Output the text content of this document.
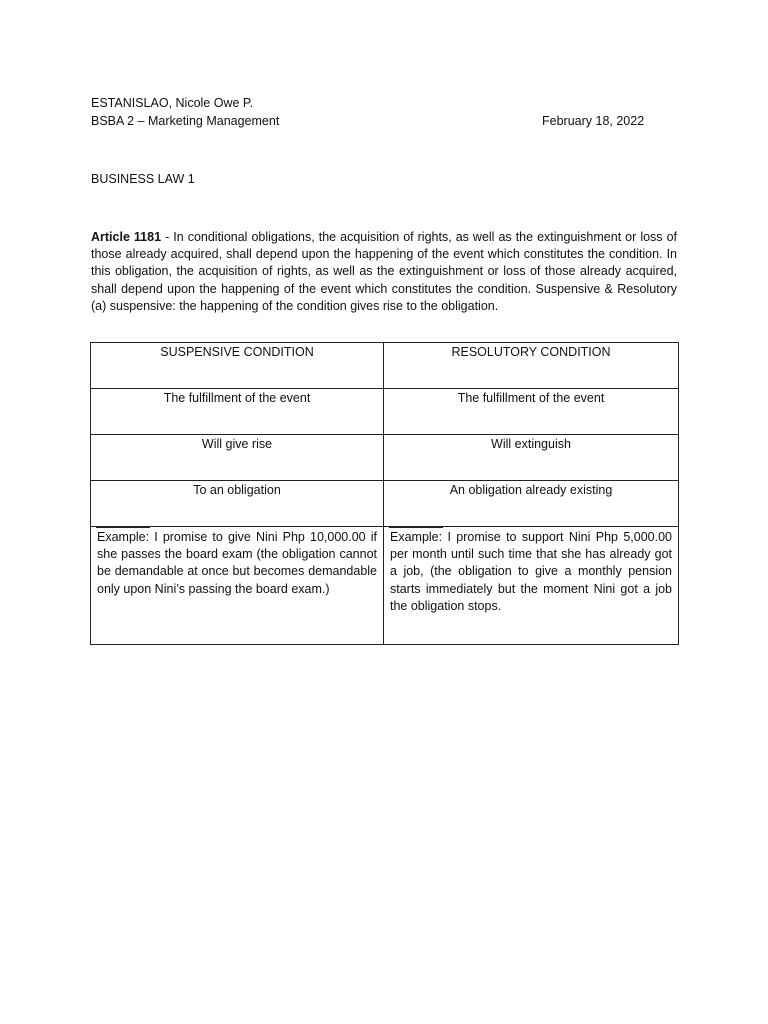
ESTANISLAO, Nicole Owe P.
BSBA 2 – Marketing Management	February 18, 2022
BUSINESS LAW 1

Article 1181 - In conditional obligations, the acquisition of rights, as well as the extinguishment or loss of those already acquired, shall depend upon the happening of the event which constitutes the condition. In this obligation, the acquisition of rights, as well as the extinguishment or loss of those already acquired, shall depend upon the happening of the event which constitutes the condition. Suspensive & Resolutory (a) suspensive: the happening of the condition gives rise to the obligation.

SUSPENSIVE CONDITION	RESOLUTORY CONDITION
The fulfillment of the event	The fulfillment of the event
Will give rise	Will extinguish
To an obligation	An obligation already existing
Example: I promise to give Nini Php 10,000.00 if she passes the board exam (the obligation cannot be demandable at once but becomes demandable only upon Nini’s passing the board exam.)	Example: I promise to support Nini Php 5,000.00 per month until such time that she has already got a job, (the obligation to give a monthly pension starts immediately but the moment Nini got a job the obligation stops.
